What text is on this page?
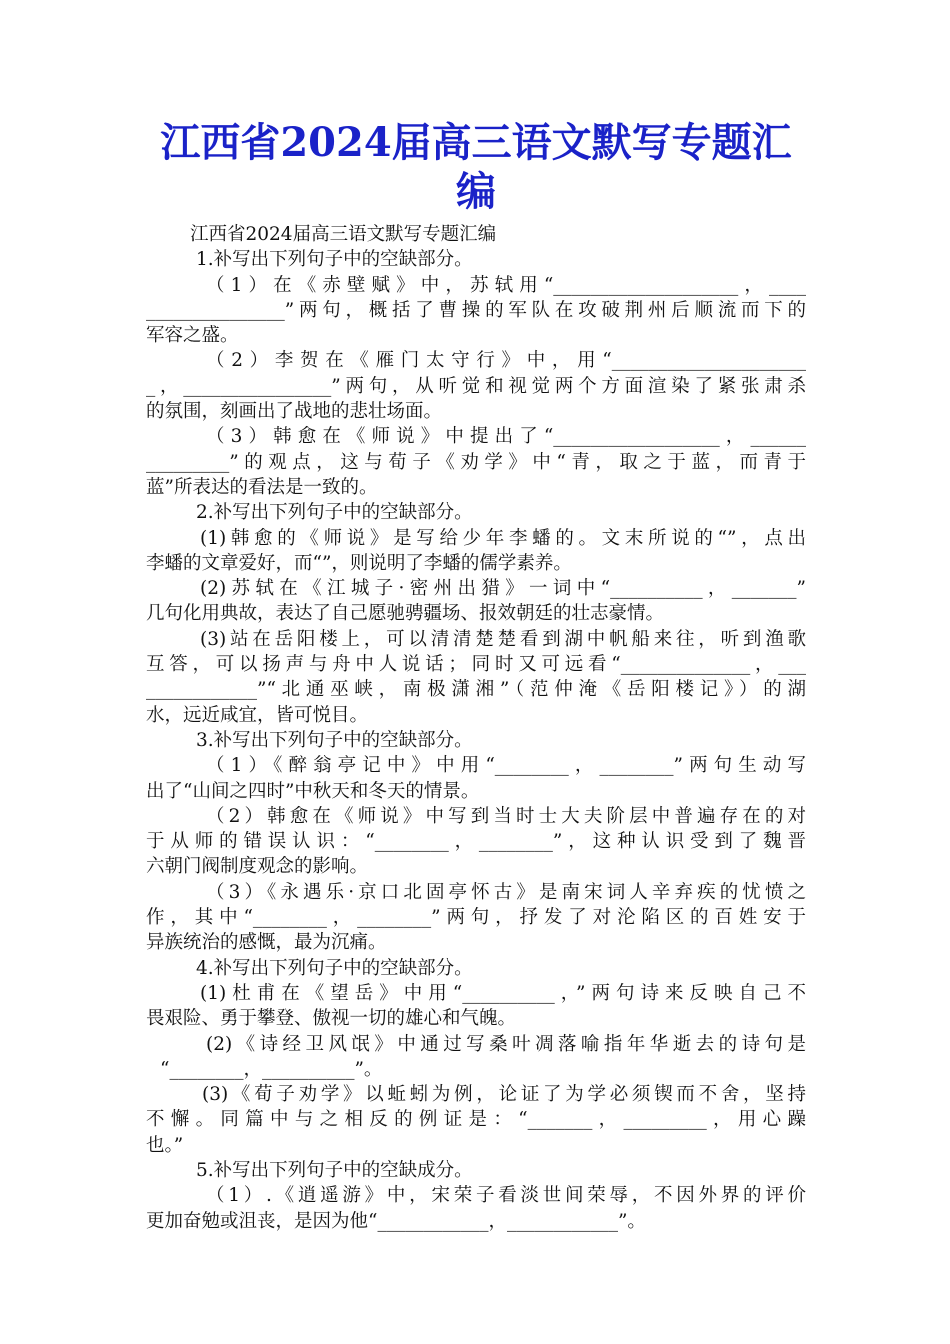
江西省2024届高三语文默写专题汇编
江西省2024届高三语文默写专题汇编
1.补写出下列句子中的空缺部分。
（1）在《赤壁赋》中，苏轼用“____________________，____
_______________”两句，概括了曹操的军队在攻破荆州后顺流而下的
军容之盛。
（2）李贺在《雁门太守行》中，用“_____________________
_，________________”两句，从听觉和视觉两个方面渲染了紧张肃杀
的氛围，刻画出了战地的悲壮场面。
（3）韩愈在《师说》中提出了“__________________，______
_________”的观点，这与荀子《劝学》中“青，取之于蓝，而青于
蓝”所表达的看法是一致的。
2.补写出下列句子中的空缺部分。
(1)韩愈的《师说》是写给少年李蟠的。文末所说的“”，点出
李蟠的文章爱好，而“”，则说明了李蟠的儒学素养。
(2)苏轼在《江城子·密州出猎》一词中“__________，_______”
几句化用典故，表达了自己愿驰骋疆场、报效朝廷的壮志豪情。
(3)站在岳阳楼上，可以清清楚楚看到湖中帆船来往，听到渔歌
互答，可以扬声与舟中人说话；同时又可远看“______________，___
____________”“北通巫峡，南极潇湘”（范仲淹《岳阳楼记》）的湖
水，远近咸宜，皆可悦目。
3.补写出下列句子中的空缺部分。
（1）《醉翁亭记中》中用“________，________”两句生动写
出了“山间之四时”中秋天和冬天的情景。
（2）韩愈在《师说》中写到当时士大夫阶层中普遍存在的对
于从师的错误认识：“________，________”，这种认识受到了魏晋
六朝门阀制度观念的影响。
（3）《永遇乐·京口北固亭怀古》是南宋词人辛弃疾的忧愤之
作，其中“________，________”两句，抒发了对沦陷区的百姓安于
异族统治的感慨，最为沉痛。
4.补写出下列句子中的空缺部分。
(1)杜甫在《望岳》中用“__________，”两句诗来反映自己不
畏艰险、勇于攀登、傲视一切的雄心和气魄。
(2)《诗经卫风氓》中通过写桑叶凋落喻指年华逝去的诗句是
“________，__________”。
(3)《荀子劝学》以蚯蚓为例，论证了为学必须锲而不舍，坚持
不懈。同篇中与之相反的例证是：“_______，_________，用心躁
也。”
5.补写出下列句子中的空缺成分。
（1）.《逍遥游》中，宋荣子看淡世间荣辱，不因外界的评价
更加奋勉或沮丧，是因为他“____________，____________”。
